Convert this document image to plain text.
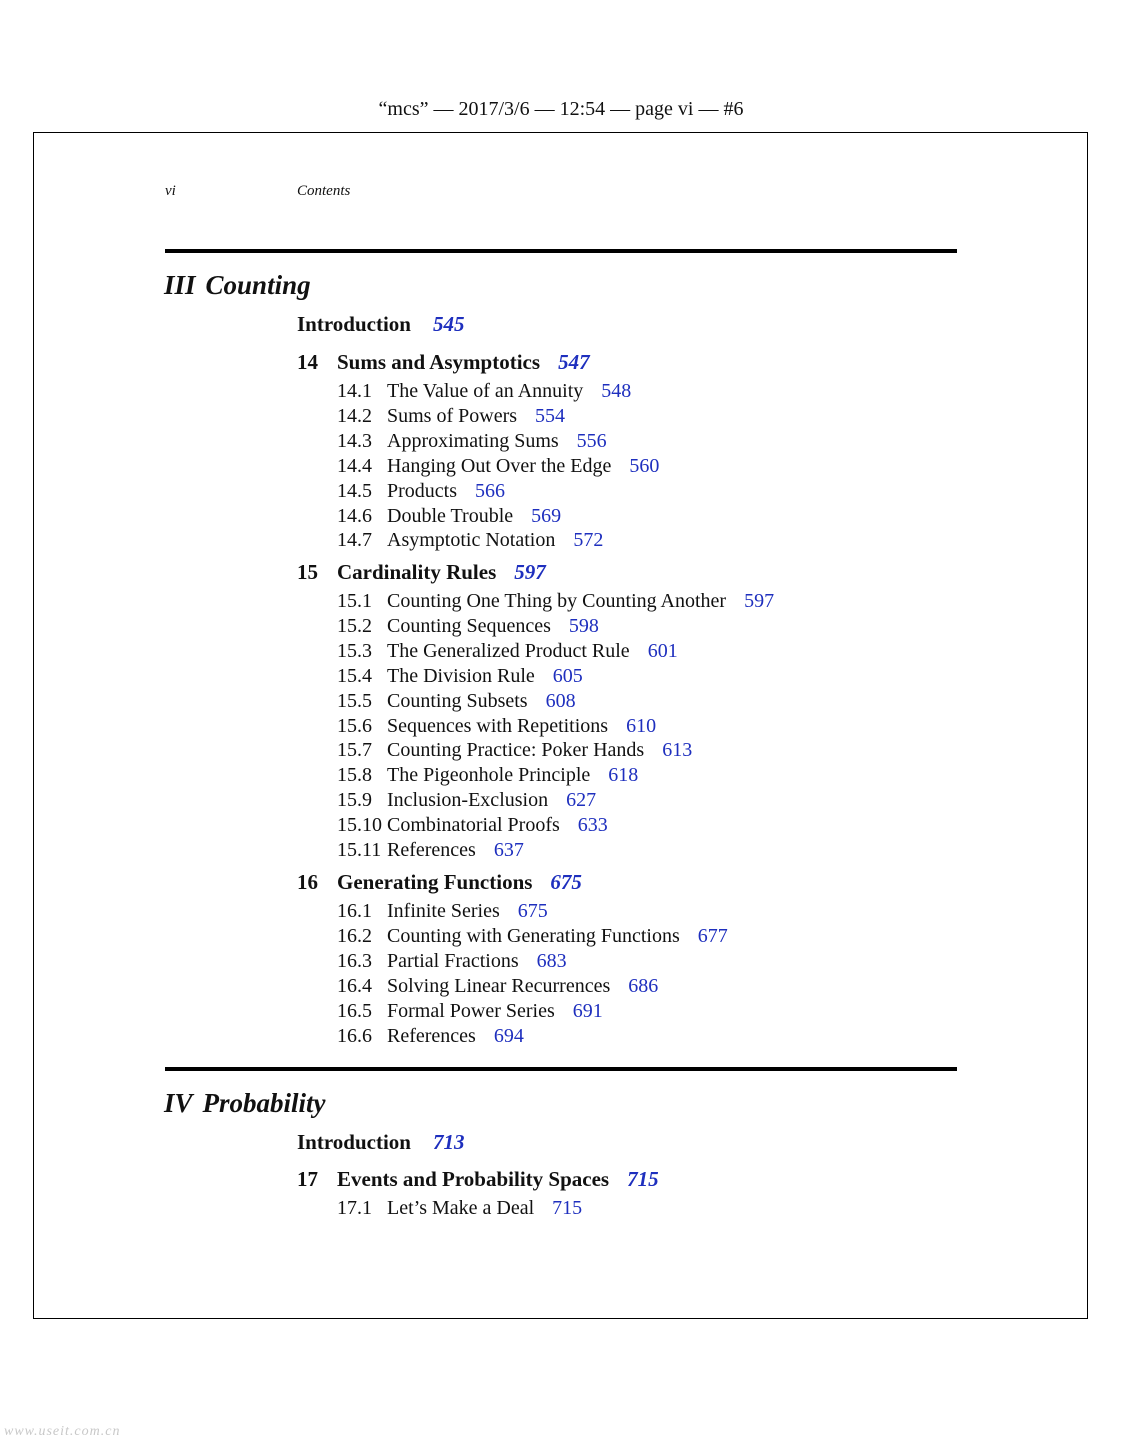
“mcs” — 2017/3/6 — 12:54 — page vi — #6
vi	Contents
III Counting
Introduction 545
14 Sums and Asymptotics 547
14.1 The Value of an Annuity 548
14.2 Sums of Powers 554
14.3 Approximating Sums 556
14.4 Hanging Out Over the Edge 560
14.5 Products 566
14.6 Double Trouble 569
14.7 Asymptotic Notation 572
15 Cardinality Rules 597
15.1 Counting One Thing by Counting Another 597
15.2 Counting Sequences 598
15.3 The Generalized Product Rule 601
15.4 The Division Rule 605
15.5 Counting Subsets 608
15.6 Sequences with Repetitions 610
15.7 Counting Practice: Poker Hands 613
15.8 The Pigeonhole Principle 618
15.9 Inclusion-Exclusion 627
15.10 Combinatorial Proofs 633
15.11 References 637
16 Generating Functions 675
16.1 Infinite Series 675
16.2 Counting with Generating Functions 677
16.3 Partial Fractions 683
16.4 Solving Linear Recurrences 686
16.5 Formal Power Series 691
16.6 References 694
IV Probability
Introduction 713
17 Events and Probability Spaces 715
17.1 Let’s Make a Deal 715
www.useit.com.cn
